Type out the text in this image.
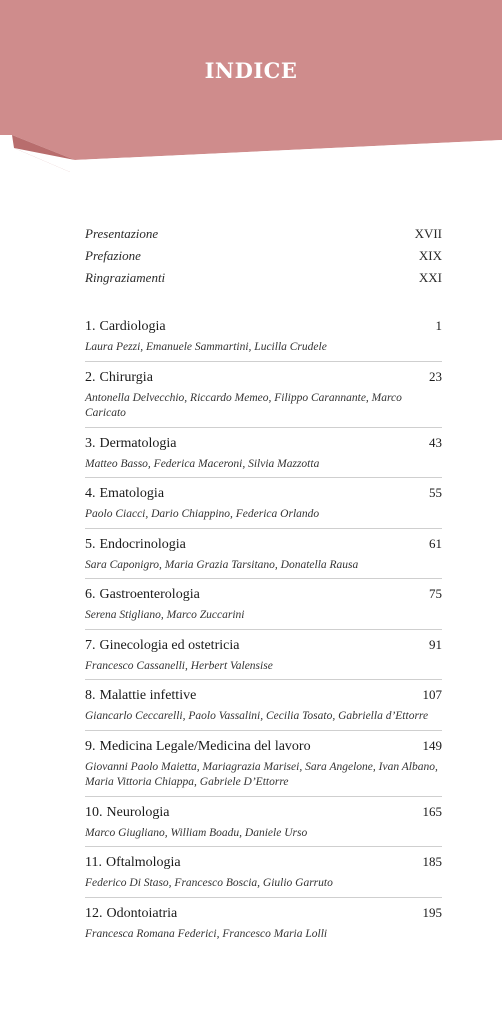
INDICE
Presentazione	XVII
Prefazione	XIX
Ringraziamenti	XXI
1. Cardiologia	1
Laura Pezzi, Emanuele Sammartini, Lucilla Crudele
2. Chirurgia	23
Antonella Delvecchio, Riccardo Memeo, Filippo Carannante, Marco Caricato
3. Dermatologia	43
Matteo Basso, Federica Maceroni, Silvia Mazzotta
4. Ematologia	55
Paolo Ciacci, Dario Chiappino, Federica Orlando
5. Endocrinologia	61
Sara Caponigro, Maria Grazia Tarsitano, Donatella Rausa
6. Gastroenterologia	75
Serena Stigliano, Marco Zuccarini
7. Ginecologia ed ostetricia	91
Francesco Cassanelli, Herbert Valensise
8. Malattie infettive	107
Giancarlo Ceccarelli, Paolo Vassalini, Cecilia Tosato, Gabriella d’Ettorre
9. Medicina Legale/Medicina del lavoro	149
Giovanni Paolo Maietta, Mariagrazia Marisei, Sara Angelone, Ivan Albano, Maria Vittoria Chiappa, Gabriele D’Ettorre
10. Neurologia	165
Marco Giugliano, William Boadu, Daniele Urso
11. Oftalmologia	185
Federico Di Staso, Francesco Boscia, Giulio Garruto
12. Odontoiatria	195
Francesca Romana Federici, Francesco Maria Lolli
